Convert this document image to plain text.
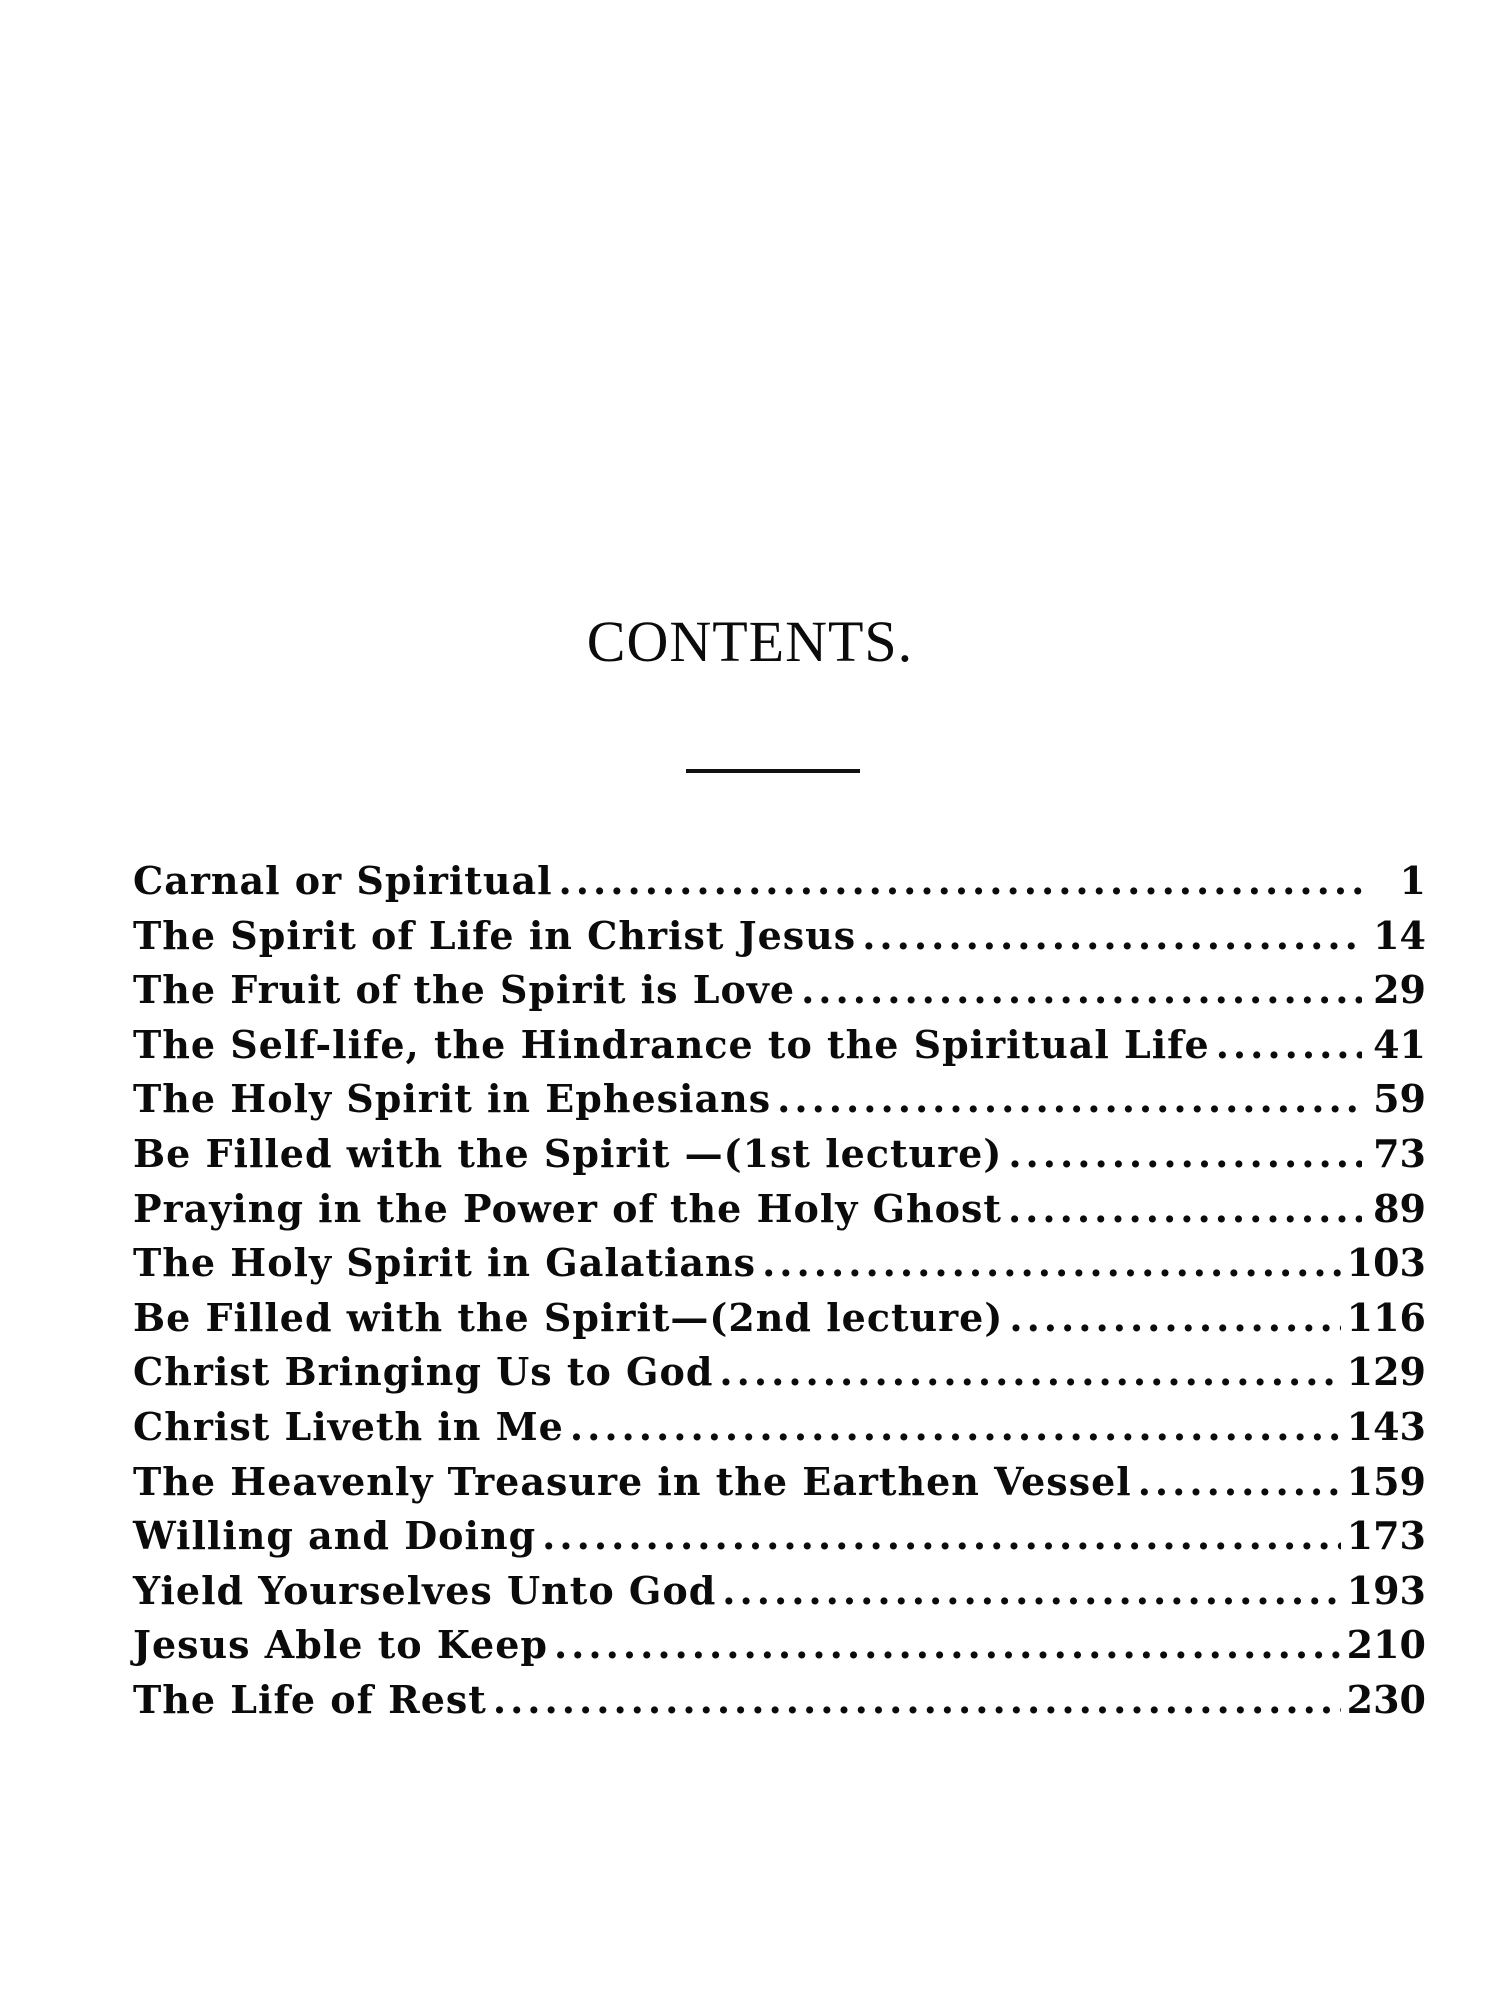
CONTENTS.
Carnal or Spiritual .....	1
The Spirit of Life in Christ Jesus .....	14
The Fruit of the Spirit is Love .....	29
The Self-life, the Hindrance to the Spiritual Life .....	41
The Holy Spirit in Ephesians .....	59
Be Filled with the Spirit —(1st lecture) .....	73
Praying in the Power of the Holy Ghost .....	89
The Holy Spirit in Galatians .....	103
Be Filled with the Spirit—(2nd lecture) .....	116
Christ Bringing Us to God .....	129
Christ Liveth in Me .....	143
The Heavenly Treasure in the Earthen Vessel .....	159
Willing and Doing .....	173
Yield Yourselves Unto God .....	193
Jesus Able to Keep .....	210
The Life of Rest .....	230
